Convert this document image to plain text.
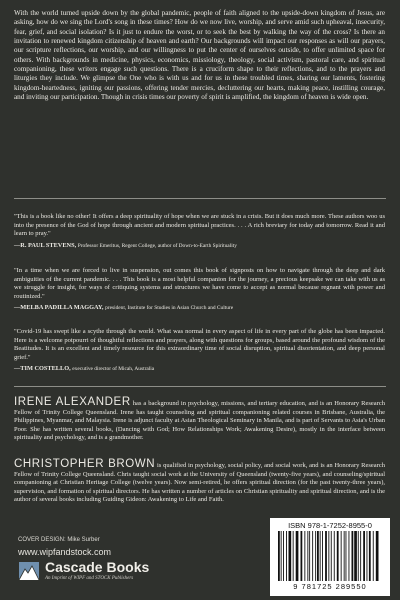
With the world turned upside down by the global pandemic, people of faith aligned to the upside-down kingdom of Jesus, are asking, how do we sing the Lord's song in these times? How do we now live, worship, and serve amid such upheaval, insecurity, fear, grief, and social isolation? Is it just to endure the worst, or to seek the best by walking the way of the cross? Is there an invitation to renewed kingdom citizenship of heaven and earth? Our backgrounds will impact our responses as will our prayers, our scripture reflections, our worship, and our willingness to put the center of ourselves outside, to offer unlimited space for others. With backgrounds in medicine, physics, economics, missiology, theology, social activism, pastoral care, and spiritual companioning, these writers engage such questions. There is a cruciform shape to their reflections, and to the prayers and liturgies they include. We glimpse the One who is with us and for us in these troubled times, sharing our laments, fostering kingdom-heartedness, igniting our passions, offering tender mercies, decluttering our hearts, making peace, instilling courage, and inviting our participation. Though in crisis times our poverty of spirit is amplified, the kingdom of heaven is wide open.

"This is a book like no other! It offers a deep spirituality of hope when we are stuck in a crisis. But it does much more. These authors woo us into the presence of the God of hope through ancient and modern spiritual practices. . . . A rich breviary for today and tomorrow. Read it and learn to pray."

—R. PAUL STEVENS, Professor Emeritus, Regent College, author of Down-to-Earth Spirituality

"In a time when we are forced to live in suspension, out comes this book of signposts on how to navigate through the deep and dark ambiguities of the current pandemic. . . . This book is a most helpful companion for the journey, a precious keepsake we can take with us as we struggle for insight, for ways of critiquing systems and structures we have come to accept as normal because regnant with power and routinized."

—MELBA PADILLA MAGGAY, president, Institute for Studies in Asian Church and Culture

"Covid-19 has swept like a scythe through the world. What was normal in every aspect of life in every part of the globe has been impacted. Here is a welcome potpourri of thoughtful reflections and prayers, along with questions for groups, based around the profound wisdom of the Beatitudes. It is an excellent and timely resource for this extraordinary time of social disruption, spiritual disorientation, and deep personal grief."

—TIM COSTELLO, executive director of Micah, Australia

IRENE ALEXANDER has a background in psychology, missions, and tertiary education, and is an Honorary Research Fellow of Trinity College Queensland. Irene has taught counseling and spiritual companioning related courses in Brisbane, Australia, the Philippines, Myanmar, and Malaysia. Irene is adjunct faculty at Asian Theological Seminary in Manila, and is part of Servants to Asia's Urban Poor. She has written several books, (Dancing with God; How Relationships Work; Awakening Desire), mostly in the interface between spirituality and psychology, and is a grandmother.

CHRISTOPHER BROWN is qualified in psychology, social policy, and social work, and is an Honorary Research Fellow of Trinity College Queensland. Chris taught social work at the University of Queensland (twenty-five years), and counseling/spiritual companioning at Christian Heritage College (twelve years). Now semi-retired, he offers spiritual direction (for the past twenty-three years), supervision, and formation of spiritual directors. He has written a number of articles on Christian spirituality and spiritual direction, and is the author of several books including Guiding Gideon: Awakening to Life and Faith.

COVER DESIGN: Mike Surber

www.wipfandstock.com

Cascade Books

An Imprint of WIPF and STOCK Publishers

ISBN 978-1-7252-8955-0

9 781725 289550
